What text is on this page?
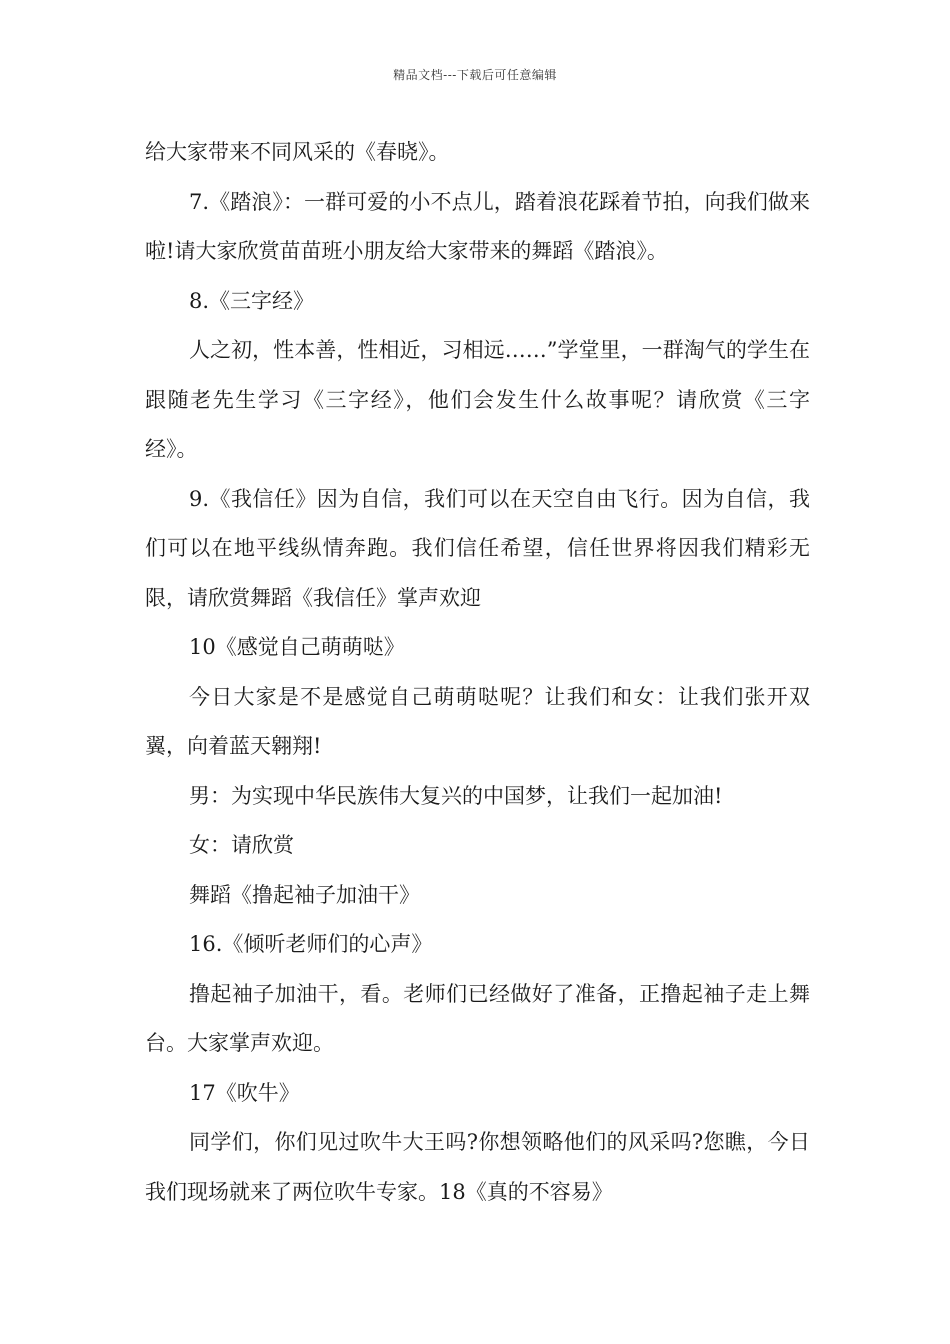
精品文档---下载后可任意编辑

给大家带来不同风采的《春晓》。

7.《踏浪》：一群可爱的小不点儿，踏着浪花踩着节拍，向我们做来啦!请大家欣赏苗苗班小朋友给大家带来的舞蹈《踏浪》。

8.《三字经》

人之初，性本善，性相近，习相远……”学堂里，一群淘气的学生在跟随老先生学习《三字经》，他们会发生什么故事呢？请欣赏《三字经》。

9.《我信任》因为自信，我们可以在天空自由飞行。因为自信，我们可以在地平线纵情奔跑。我们信任希望，信任世界将因我们精彩无限，请欣赏舞蹈《我信任》掌声欢迎

10《感觉自己萌萌哒》

今日大家是不是感觉自己萌萌哒呢？让我们和女：让我们张开双翼，向着蓝天翱翔!

男：为实现中华民族伟大复兴的中国梦，让我们一起加油!

女：请欣赏

舞蹈《撸起袖子加油干》

16.《倾听老师们的心声》

撸起袖子加油干，看。老师们已经做好了准备，正撸起袖子走上舞台。大家掌声欢迎。

17《吹牛》

同学们，你们见过吹牛大王吗?你想领略他们的风采吗?您瞧，今日我们现场就来了两位吹牛专家。18《真的不容易》
